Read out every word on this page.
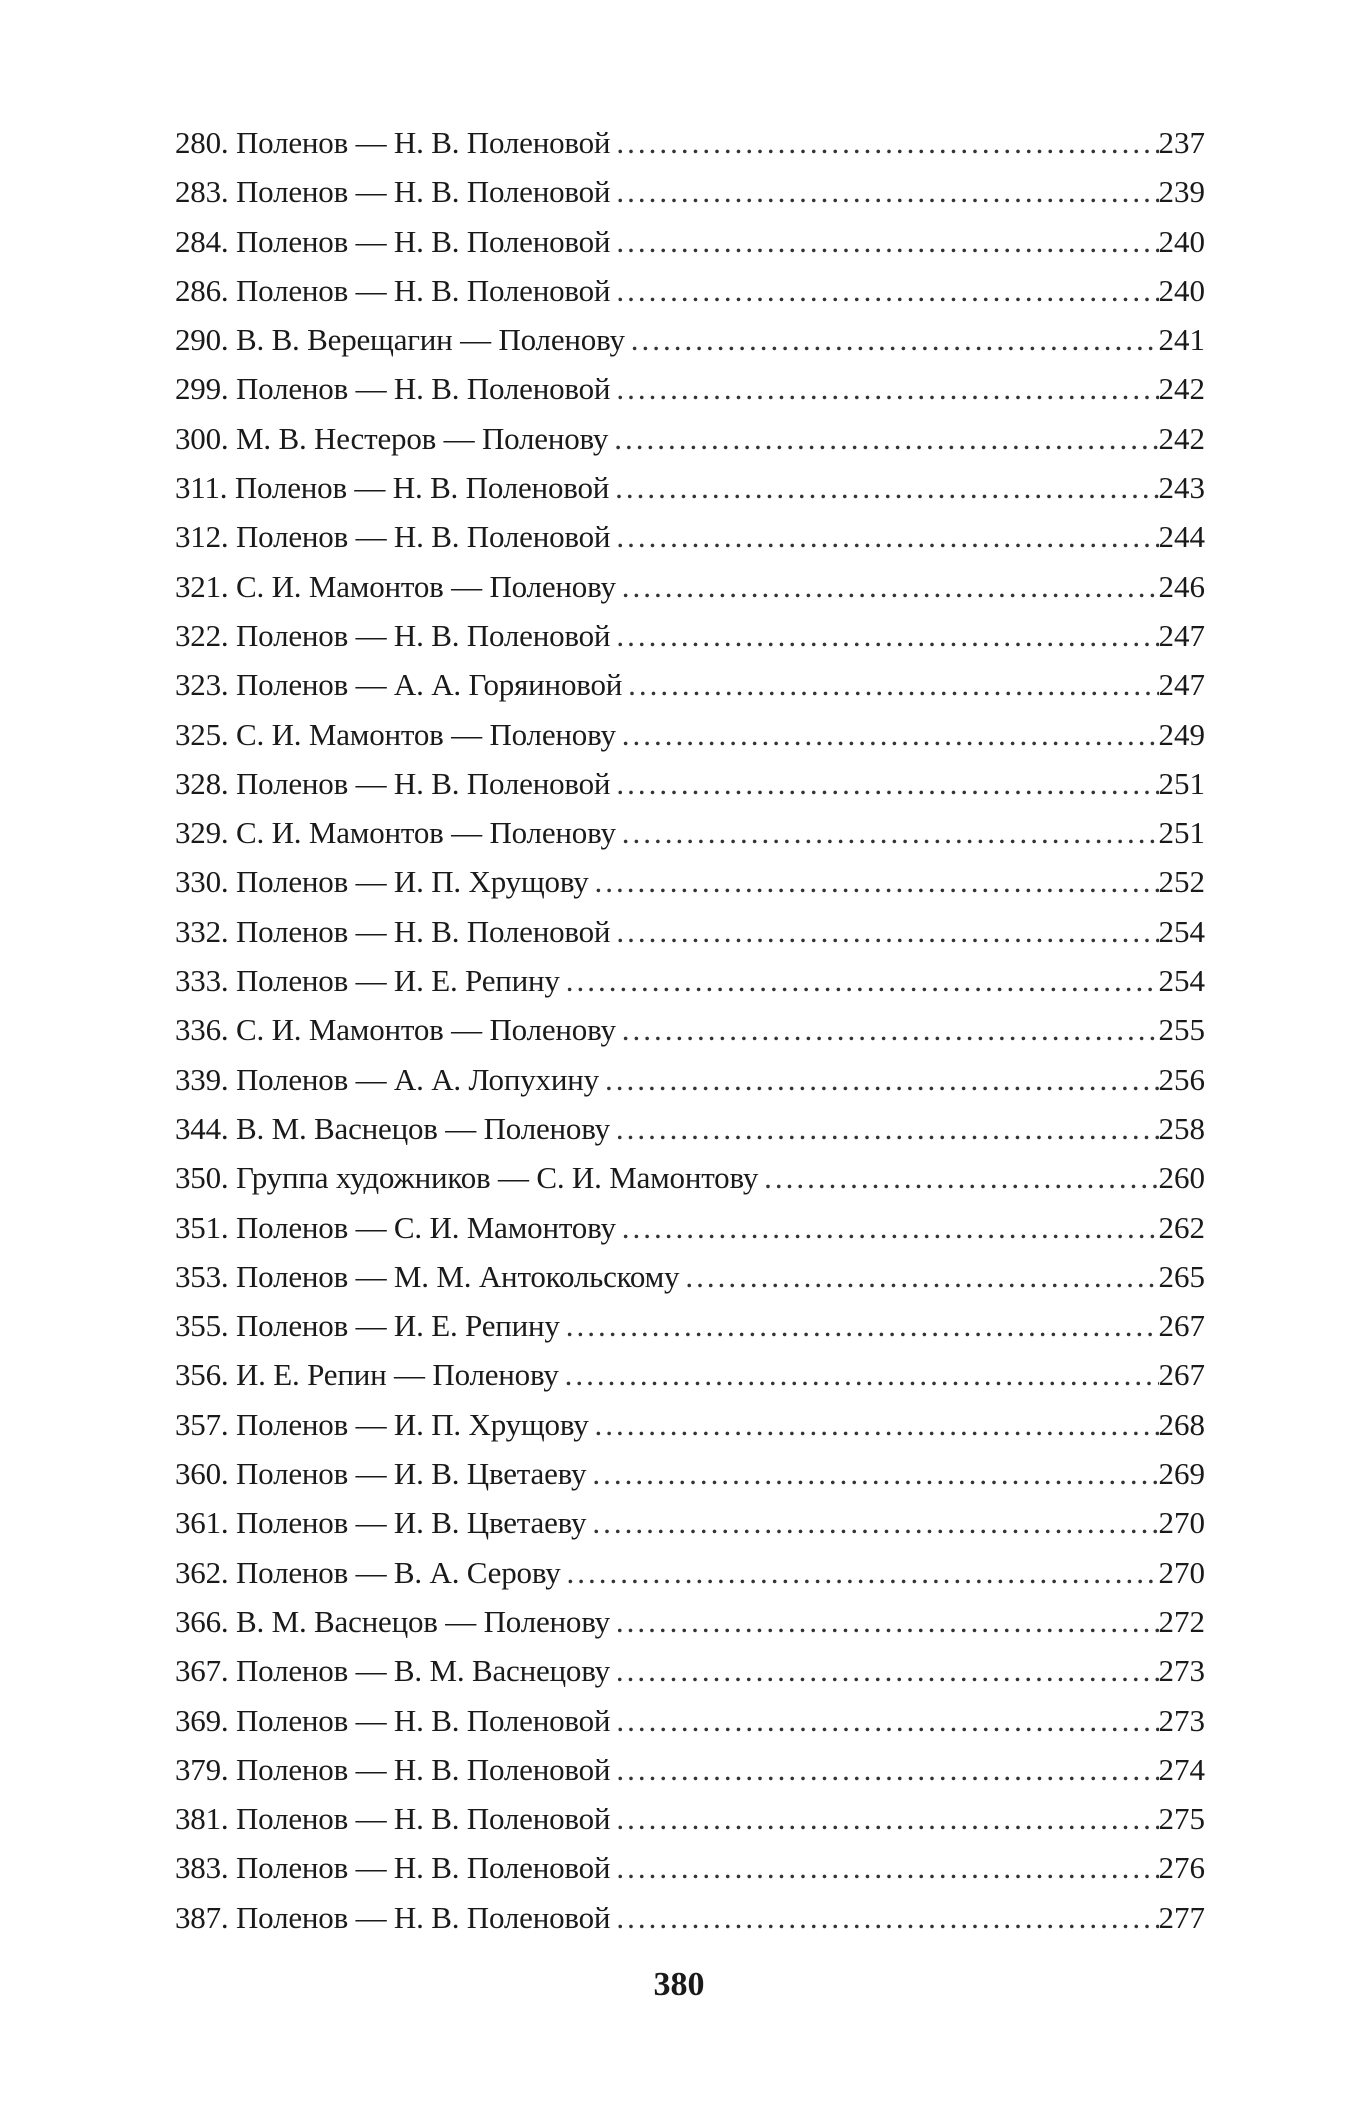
280. Поленов — Н. В. Поленовой .....	237
283. Поленов — Н. В. Поленовой .....	239
284. Поленов — Н. В. Поленовой .....	240
286. Поленов — Н. В. Поленовой .....	240
290. В. В. Верещагин — Поленову .....	241
299. Поленов — Н. В. Поленовой .....	242
300. М. В. Нестеров — Поленову .....	242
311. Поленов — Н. В. Поленовой .....	243
312. Поленов — Н. В. Поленовой .....	244
321. С. И. Мамонтов — Поленову .....	246
322. Поленов — Н. В. Поленовой .....	247
323. Поленов — А. А. Горяиновой .....	247
325. С. И. Мамонтов — Поленову .....	249
328. Поленов — Н. В. Поленовой .....	251
329. С. И. Мамонтов — Поленову .....	251
330. Поленов — И. П. Хрущову .....	252
332. Поленов — Н. В. Поленовой .....	254
333. Поленов — И. Е. Репину .....	254
336. С. И. Мамонтов — Поленову .....	255
339. Поленов — А. А. Лопухину .....	256
344. В. М. Васнецов — Поленову .....	258
350. Группа художников — С. И. Мамонтову .....	260
351. Поленов — С. И. Мамонтову .....	262
353. Поленов — М. М. Антокольскому .....	265
355. Поленов — И. Е. Репину .....	267
356. И. Е. Репин — Поленову .....	267
357. Поленов — И. П. Хрущову .....	268
360. Поленов — И. В. Цветаеву .....	269
361. Поленов — И. В. Цветаеву .....	270
362. Поленов — В. А. Серову .....	270
366. В. М. Васнецов — Поленову .....	272
367. Поленов — В. М. Васнецову .....	273
369. Поленов — Н. В. Поленовой .....	273
379. Поленов — Н. В. Поленовой .....	274
381. Поленов — Н. В. Поленовой .....	275
383. Поленов — Н. В. Поленовой .....	276
387. Поленов — Н. В. Поленовой .....	277
380
